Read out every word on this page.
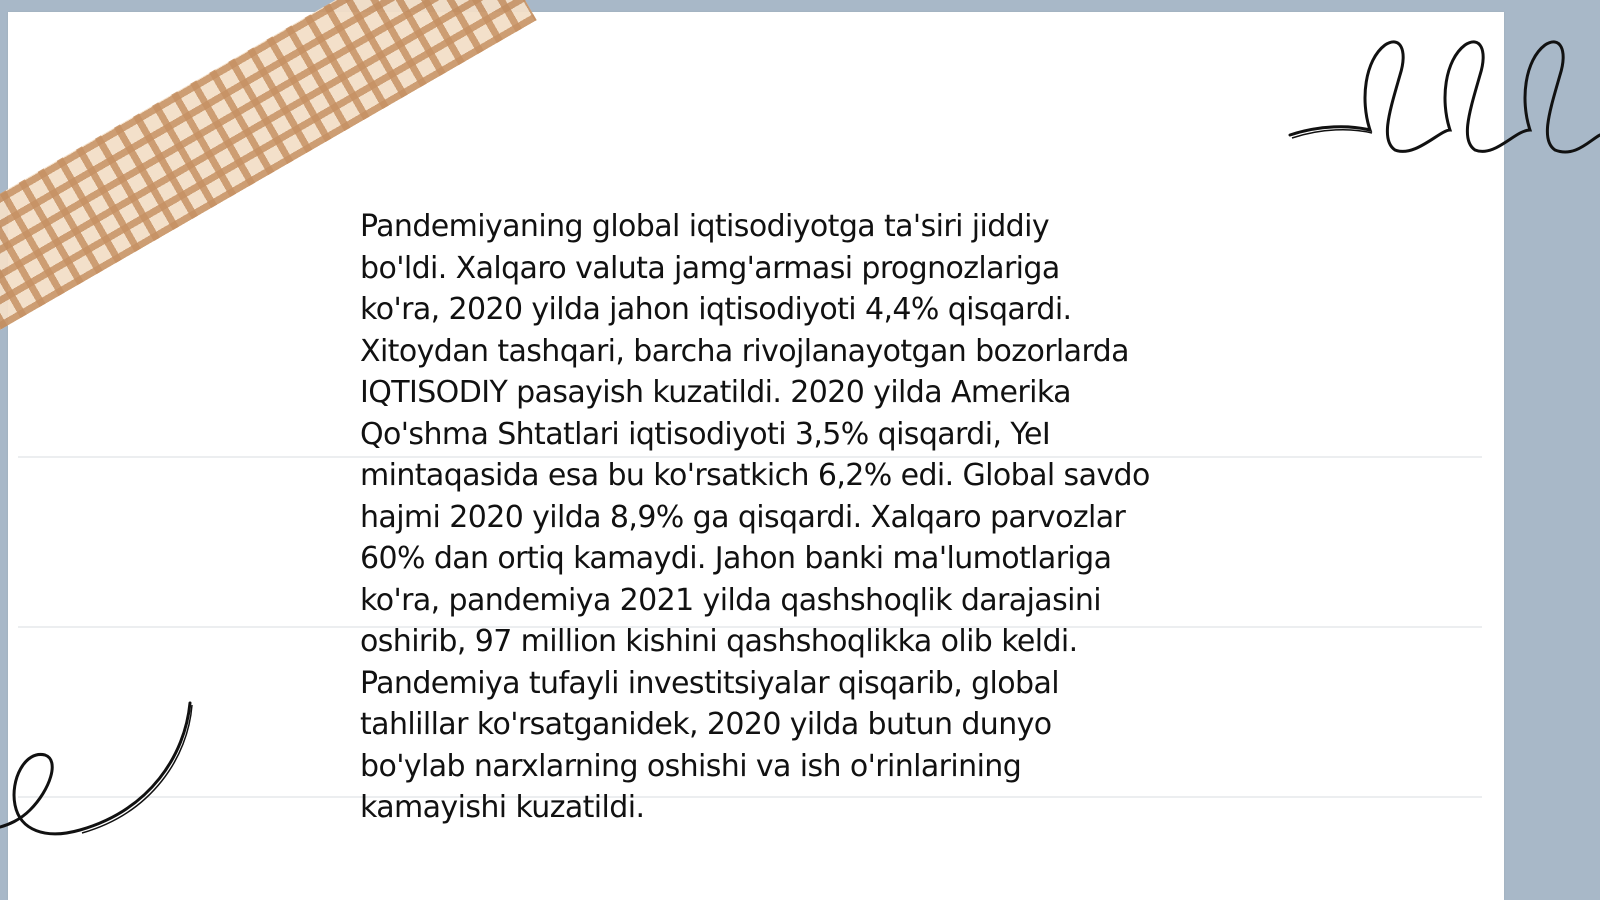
Pandemiyaning global iqtisodiyotga ta'siri jiddiy
bo'ldi. Xalqaro valuta jamg'armasi prognozlariga
ko'ra, 2020 yilda jahon iqtisodiyoti 4,4% qisqardi.
Xitoydan tashqari, barcha rivojlanayotgan bozorlarda
IQTISODIY pasayish kuzatildi. 2020 yilda Amerika
Qo'shma Shtatlari iqtisodiyoti 3,5% qisqardi, YeI
mintaqasida esa bu ko'rsatkich 6,2% edi. Global savdo
hajmi 2020 yilda 8,9% ga qisqardi. Xalqaro parvozlar
60% dan ortiq kamaydi. Jahon banki ma'lumotlariga
ko'ra, pandemiya 2021 yilda qashshoqlik darajasini
oshirib, 97 million kishini qashshoqlikka olib keldi.
Pandemiya tufayli investitsiyalar qisqarib, global
tahlillar ko'rsatganidek, 2020 yilda butun dunyo
bo'ylab narxlarning oshishi va ish o'rinlarining
kamayishi kuzatildi.
